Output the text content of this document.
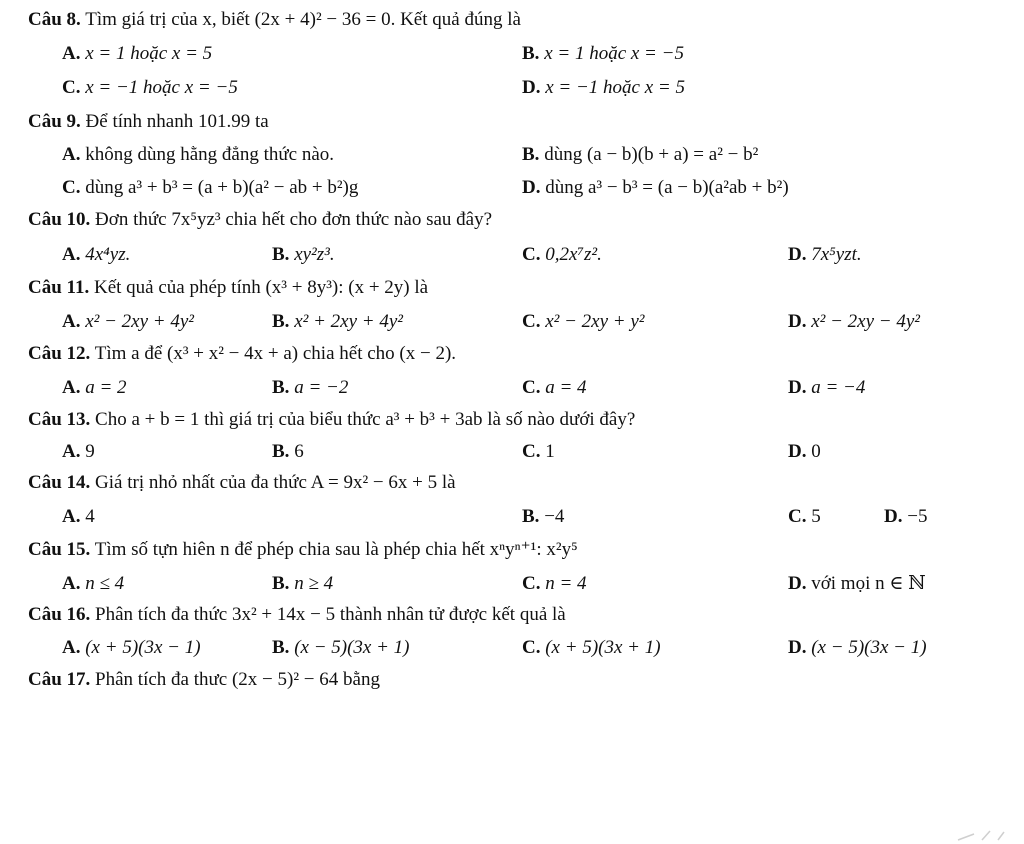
Câu 8. Tìm giá trị của x, biết (2x + 4)² − 36 = 0. Kết quả đúng là
A. x = 1 hoặc x = 5	B. x = 1 hoặc x = −5
C. x = −1 hoặc x = −5	D. x = −1 hoặc x = 5
Câu 9. Để tính nhanh 101.99 ta
A. không dùng hằng đẳng thức nào.	B. dùng (a − b)(b + a) = a² − b²
C. dùng a³ + b³ = (a + b)(a² − ab + b²)g	D. dùng a³ − b³ = (a − b)(a²ab + b²)
Câu 10. Đơn thức 7x⁵yz³ chia hết cho đơn thức nào sau đây?
A. 4x⁴yz.	B. xy²z³.	C. 0,2x⁷z².	D. 7x⁵yzt.
Câu 11. Kết quả của phép tính (x³ + 8y³): (x + 2y) là
A. x² − 2xy + 4y²	B. x² + 2xy + 4y²	C. x² − 2xy + y²	D. x² − 2xy − 4y²
Câu 12. Tìm a để (x³ + x² − 4x + a) chia hết cho (x − 2).
A. a = 2	B. a = −2	C. a = 4	D. a = −4
Câu 13. Cho a + b = 1 thì giá trị của biểu thức a³ + b³ + 3ab là số nào dưới đây?
A. 9	B. 6	C. 1	D. 0
Câu 14. Giá trị nhỏ nhất của đa thức A = 9x² − 6x + 5 là
A. 4	B. −4	C. 5	D. −5
Câu 15. Tìm số tựn hiên n để phép chia sau là phép chia hết xⁿyⁿ⁺¹: x²y⁵
A. n ≤ 4	B. n ≥ 4	C. n = 4	D. với mọi n ∈ ℕ
Câu 16. Phân tích đa thức 3x² + 14x − 5 thành nhân tử được kết quả là
A. (x + 5)(3x − 1)	B. (x − 5)(3x + 1)	C. (x + 5)(3x + 1)	D. (x − 5)(3x − 1)
Câu 17. Phân tích đa thưc (2x − 5)² − 64 bằng
